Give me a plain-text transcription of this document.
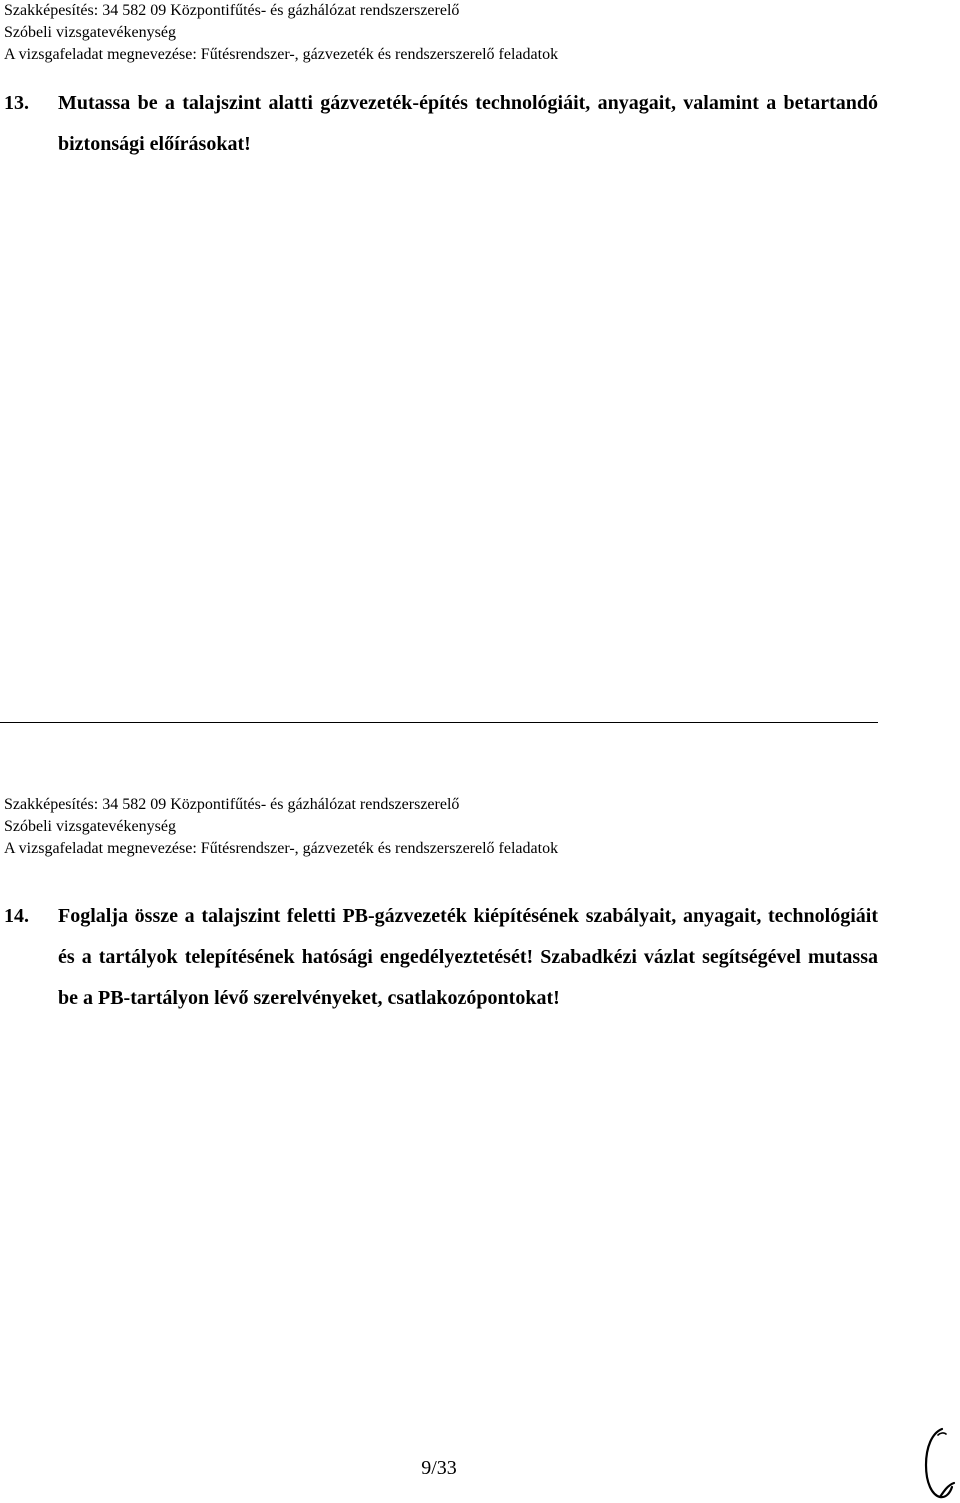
Szakképesítés: 34 582 09 Központifűtés- és gázhálózat rendszerszerelő
Szóbeli vizsgatevékenység
A vizsgafeladat megnevezése: Fűtésrendszer-, gázvezeték és rendszerszerelő feladatok
13. Mutassa be a talajszint alatti gázvezeték-építés technológiáit, anyagait, valamint a betartandó biztonsági előírásokat!
Szakképesítés: 34 582 09 Központifűtés- és gázhálózat rendszerszerelő
Szóbeli vizsgatevékenység
A vizsgafeladat megnevezése: Fűtésrendszer-, gázvezeték és rendszerszerelő feladatok
14. Foglalja össze a talajszint feletti PB-gázvezeték kiépítésének szabályait, anyagait, technológiáit és a tartályok telepítésének hatósági engedélyeztetését! Szabadkézi vázlat segítségével mutassa be a PB-tartályon lévő szerelvényeket, csatlakozópontokat!
9/33
